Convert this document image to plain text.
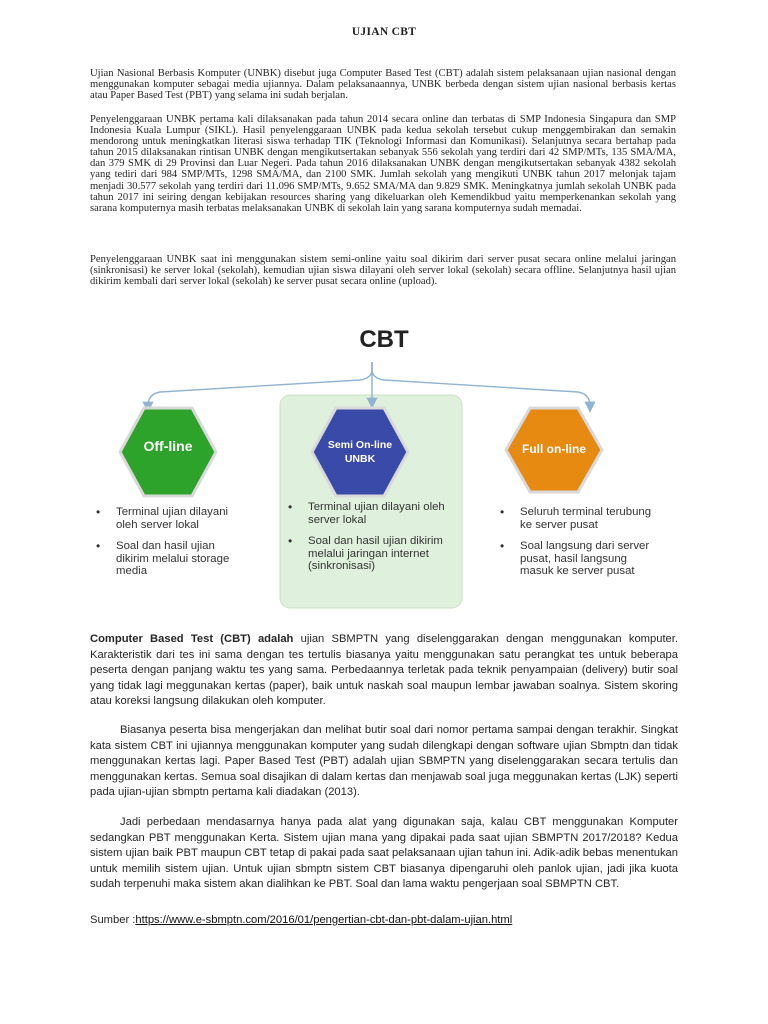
UJIAN CBT

Ujian Nasional Berbasis Komputer (UNBK) disebut juga Computer Based Test (CBT) adalah sistem pelaksanaan ujian nasional dengan menggunakan komputer sebagai media ujiannya. Dalam pelaksanaannya, UNBK berbeda dengan sistem ujian nasional berbasis kertas atau Paper Based Test (PBT) yang selama ini sudah berjalan.

Penyelenggaraan UNBK pertama kali dilaksanakan pada tahun 2014 secara online dan terbatas di SMP Indonesia Singapura dan SMP Indonesia Kuala Lumpur (SIKL). Hasil penyelenggaraan UNBK pada kedua sekolah tersebut cukup menggembirakan dan semakin mendorong untuk meningkatkan literasi siswa terhadap TIK (Teknologi Informasi dan Komunikasi). Selanjutnya secara bertahap pada tahun 2015 dilaksanakan rintisan UNBK dengan mengikutsertakan sebanyak 556 sekolah yang terdiri dari 42 SMP/MTs, 135 SMA/MA, dan 379 SMK di 29 Provinsi dan Luar Negeri. Pada tahun 2016 dilaksanakan UNBK dengan mengikutsertakan sebanyak 4382 sekolah yang tediri dari 984 SMP/MTs, 1298 SMA/MA, dan 2100 SMK. Jumlah sekolah yang mengikuti UNBK tahun 2017 melonjak tajam menjadi 30.577 sekolah yang terdiri dari 11.096 SMP/MTs, 9.652 SMA/MA dan 9.829 SMK. Meningkatnya jumlah sekolah UNBK pada tahun 2017 ini seiring dengan kebijakan resources sharing yang dikeluarkan oleh Kemendikbud yaitu memperkenankan sekolah yang sarana komputernya masih terbatas melaksanakan UNBK di sekolah lain yang sarana komputernya sudah memadai.

Penyelenggaraan UNBK saat ini menggunakan sistem semi-online yaitu soal dikirim dari server pusat secara online melalui jaringan (sinkronisasi) ke server lokal (sekolah), kemudian ujian siswa dilayani oleh server lokal (sekolah) secara offline. Selanjutnya hasil ujian dikirim kembali dari server lokal (sekolah) ke server pusat secara online (upload).

CBT
Off-line	Semi On-line
UNBK
Full on-line
• Terminal ujian dilayani oleh server lokal
• Soal dan hasil ujian dikirim melalui storage media
• Terminal ujian dilayani oleh server lokal
• Soal dan hasil ujian dikirim melalui jaringan internet (sinkronisasi)
• Seluruh terminal terubung ke server pusat
• Soal langsung dari server pusat, hasil langsung masuk ke server pusat

Computer Based Test (CBT) adalah ujian SBMPTN yang diselenggarakan dengan menggunakan komputer. Karakteristik dari tes ini sama dengan tes tertulis biasanya yaitu menggunakan satu perangkat tes untuk beberapa peserta dengan panjang waktu tes yang sama. Perbedaannya terletak pada teknik penyampaian (delivery) butir soal yang tidak lagi meggunakan kertas (paper), baik untuk naskah soal maupun lembar jawaban soalnya. Sistem skoring atau koreksi langsung dilakukan oleh komputer.

Biasanya peserta bisa mengerjakan dan melihat butir soal dari nomor pertama sampai dengan terakhir. Singkat kata sistem CBT ini ujiannya menggunakan komputer yang sudah dilengkapi dengan software ujian Sbmptn dan tidak menggunakan kertas lagi. Paper Based Test (PBT) adalah ujian SBMPTN yang diselenggarakan secara tertulis dan menggunakan kertas. Semua soal disajikan di dalam kertas dan menjawab soal juga meggunakan kertas (LJK) seperti pada ujian-ujian sbmptn pertama kali diadakan (2013).

Jadi perbedaan mendasarnya hanya pada alat yang digunakan saja, kalau CBT menggunakan Komputer sedangkan PBT menggunakan Kerta. Sistem ujian mana yang dipakai pada saat ujian SBMPTN 2017/2018? Kedua sistem ujian baik PBT maupun CBT tetap di pakai pada saat pelaksanaan ujian tahun ini. Adik-adik bebas menentukan untuk memilih sistem ujian. Untuk ujian sbmptn sistem CBT biasanya dipengaruhi oleh panlok ujian, jadi jika kuota sudah terpenuhi maka sistem akan dialihkan ke PBT. Soal dan lama waktu pengerjaan soal SBMPTN CBT.

Sumber :https://www.e-sbmptn.com/2016/01/pengertian-cbt-dan-pbt-dalam-ujian.html
